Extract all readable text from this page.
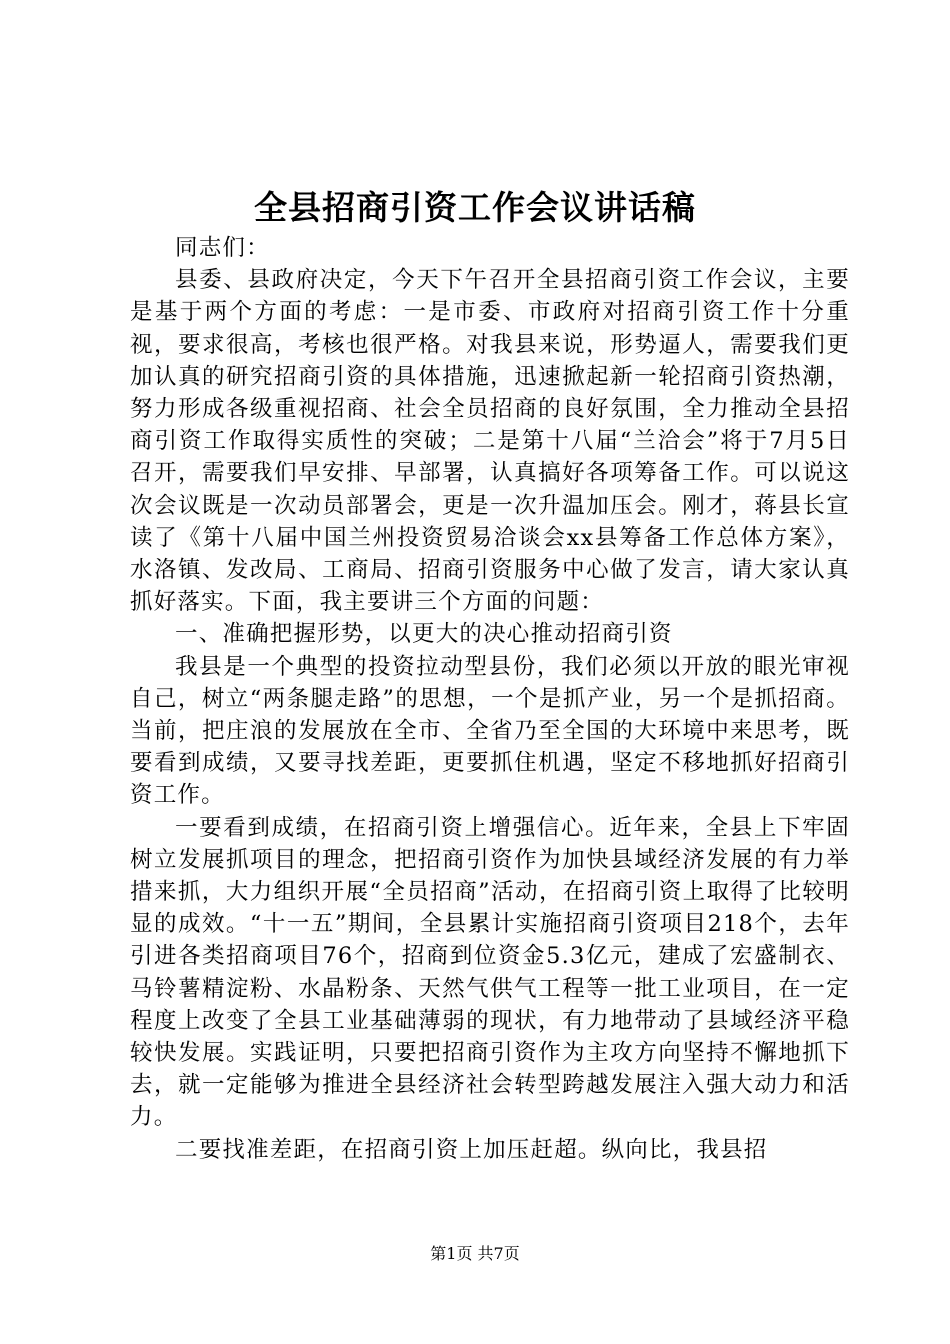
全县招商引资工作会议讲话稿

同志们：

县委、县政府决定，今天下午召开全县招商引资工作会议，主要是基于两个方面的考虑：一是市委、市政府对招商引资工作十分重视，要求很高，考核也很严格。对我县来说，形势逼人，需要我们更加认真的研究招商引资的具体措施，迅速掀起新一轮招商引资热潮，努力形成各级重视招商、社会全员招商的良好氛围，全力推动全县招商引资工作取得实质性的突破；二是第十八届“兰洽会”将于7月5日召开，需要我们早安排、早部署，认真搞好各项筹备工作。可以说这次会议既是一次动员部署会，更是一次升温加压会。刚才，蒋县长宣读了《第十八届中国兰州投资贸易洽谈会xx县筹备工作总体方案》，水洛镇、发改局、工商局、招商引资服务中心做了发言，请大家认真抓好落实。下面，我主要讲三个方面的问题：

一、准确把握形势，以更大的决心推动招商引资

我县是一个典型的投资拉动型县份，我们必须以开放的眼光审视自己，树立“两条腿走路”的思想，一个是抓产业，另一个是抓招商。当前，把庄浪的发展放在全市、全省乃至全国的大环境中来思考，既要看到成绩，又要寻找差距，更要抓住机遇，坚定不移地抓好招商引资工作。

一要看到成绩，在招商引资上增强信心。近年来，全县上下牢固树立发展抓项目的理念，把招商引资作为加快县域经济发展的有力举措来抓，大力组织开展“全员招商”活动，在招商引资上取得了比较明显的成效。“十一五”期间，全县累计实施招商引资项目218个，去年引进各类招商项目76个，招商到位资金5.3亿元，建成了宏盛制衣、马铃薯精淀粉、水晶粉条、天然气供气工程等一批工业项目，在一定程度上改变了全县工业基础薄弱的现状，有力地带动了县域经济平稳较快发展。实践证明，只要把招商引资作为主攻方向坚持不懈地抓下去，就一定能够为推进全县经济社会转型跨越发展注入强大动力和活力。

二要找准差距，在招商引资上加压赶超。纵向比，我县招

第1页 共7页
